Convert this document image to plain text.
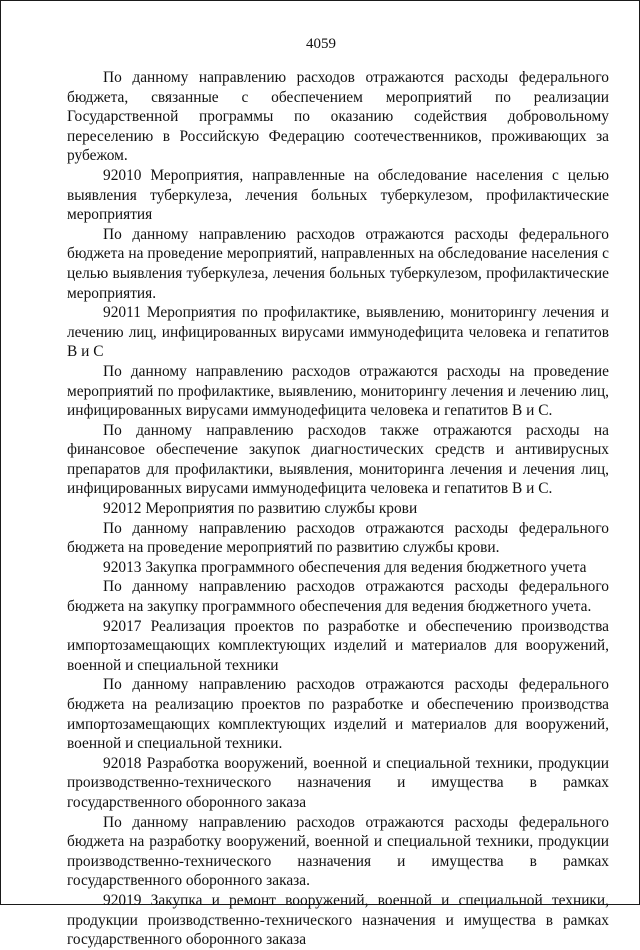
4059

По данному направлению расходов отражаются расходы федерального бюджета, связанные с обеспечением мероприятий по реализации Государственной программы по оказанию содействия добровольному переселению в Российскую Федерацию соотечественников, проживающих за рубежом.

92010 Мероприятия, направленные на обследование населения с целью выявления туберкулеза, лечения больных туберкулезом, профилактические мероприятия

По данному направлению расходов отражаются расходы федерального бюджета на проведение мероприятий, направленных на обследование населения с целью выявления туберкулеза, лечения больных туберкулезом, профилактические мероприятия.

92011 Мероприятия по профилактике, выявлению, мониторингу лечения и лечению лиц, инфицированных вирусами иммунодефицита человека и гепатитов В и С

По данному направлению расходов отражаются расходы на проведение мероприятий по профилактике, выявлению, мониторингу лечения и лечению лиц, инфицированных вирусами иммунодефицита человека и гепатитов В и С.

По данному направлению расходов также отражаются расходы на финансовое обеспечение закупок диагностических средств и антивирусных препаратов для профилактики, выявления, мониторинга лечения и лечения лиц, инфицированных вирусами иммунодефицита человека и гепатитов В и С.

92012 Мероприятия по развитию службы крови

По данному направлению расходов отражаются расходы федерального бюджета на проведение мероприятий по развитию службы крови.

92013 Закупка программного обеспечения для ведения бюджетного учета

По данному направлению расходов отражаются расходы федерального бюджета на закупку программного обеспечения для ведения бюджетного учета.

92017 Реализация проектов по разработке и обеспечению производства импортозамещающих комплектующих изделий и материалов для вооружений, военной и специальной техники

По данному направлению расходов отражаются расходы федерального бюджета на реализацию проектов по разработке и обеспечению производства импортозамещающих комплектующих изделий и материалов для вооружений, военной и специальной техники.

92018 Разработка вооружений, военной и специальной техники, продукции производственно-технического назначения и имущества в рамках государственного оборонного заказа

По данному направлению расходов отражаются расходы федерального бюджета на разработку вооружений, военной и специальной техники, продукции производственно-технического назначения и имущества в рамках государственного оборонного заказа.

92019 Закупка и ремонт вооружений, военной и специальной техники, продукции производственно-технического назначения и имущества в рамках государственного оборонного заказа
